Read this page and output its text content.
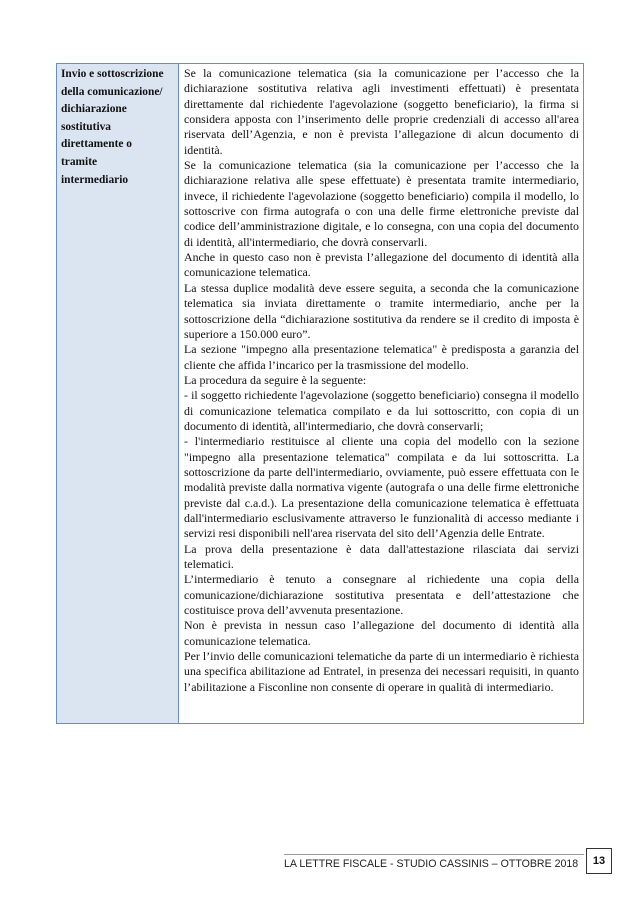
Invio e sottoscrizione
della comunicazione/
dichiarazione
sostitutiva
direttamente o
tramite
intermediario

Se la comunicazione telematica (sia la comunicazione per l’accesso che la dichiarazione sostitutiva relativa agli investimenti effettuati) è presentata direttamente dal richiedente l'agevolazione (soggetto beneficiario), la firma si considera apposta con l’inserimento delle proprie credenziali di accesso all'area riservata dell’Agenzia, e non è prevista l’allegazione di alcun documento di identità.

Se la comunicazione telematica (sia la comunicazione per l’accesso che la dichiarazione relativa alle spese effettuate) è presentata tramite intermediario, invece, il richiedente l'agevolazione (soggetto beneficiario) compila il modello, lo sottoscrive con firma autografa o con una delle firme elettroniche previste dal codice dell’amministrazione digitale, e lo consegna, con una copia del documento di identità, all'intermediario, che dovrà conservarli.

Anche in questo caso non è prevista l’allegazione del documento di identità alla comunicazione telematica.

La stessa duplice modalità deve essere seguita, a seconda che la comunicazione telematica sia inviata direttamente o tramite intermediario, anche per la sottoscrizione della “dichiarazione sostitutiva da rendere se il credito di imposta è superiore a 150.000 euro”.

La sezione "impegno alla presentazione telematica" è predisposta a garanzia del cliente che affida l’incarico per la trasmissione del modello.

La procedura da seguire è la seguente:

- il soggetto richiedente l'agevolazione (soggetto beneficiario) consegna il modello di comunicazione telematica compilato e da lui sottoscritto, con copia di un documento di identità, all'intermediario, che dovrà conservarli;

- l'intermediario restituisce al cliente una copia del modello con la sezione "impegno alla presentazione telematica" compilata e da lui sottoscritta. La sottoscrizione da parte dell'intermediario, ovviamente, può essere effettuata con le modalità previste dalla normativa vigente (autografa o una delle firme elettroniche previste dal c.a.d.). La presentazione della comunicazione telematica è effettuata dall'intermediario esclusivamente attraverso le funzionalità di accesso mediante i servizi resi disponibili nell'area riservata del sito dell’Agenzia delle Entrate.

La prova della presentazione è data dall'attestazione rilasciata dai servizi telematici.

L’intermediario è tenuto a consegnare al richiedente una copia della comunicazione/dichiarazione sostitutiva presentata e dell’attestazione che costituisce prova dell’avvenuta presentazione.

Non è prevista in nessun caso l’allegazione del documento di identità alla comunicazione telematica.

Per l’invio delle comunicazioni telematiche da parte di un intermediario è richiesta una specifica abilitazione ad Entratel, in presenza dei necessari requisiti, in quanto l’abilitazione a Fisconline non consente di operare in qualità di intermediario.

LA LETTRE FISCALE - STUDIO CASSINIS – OTTOBRE 2018 13
